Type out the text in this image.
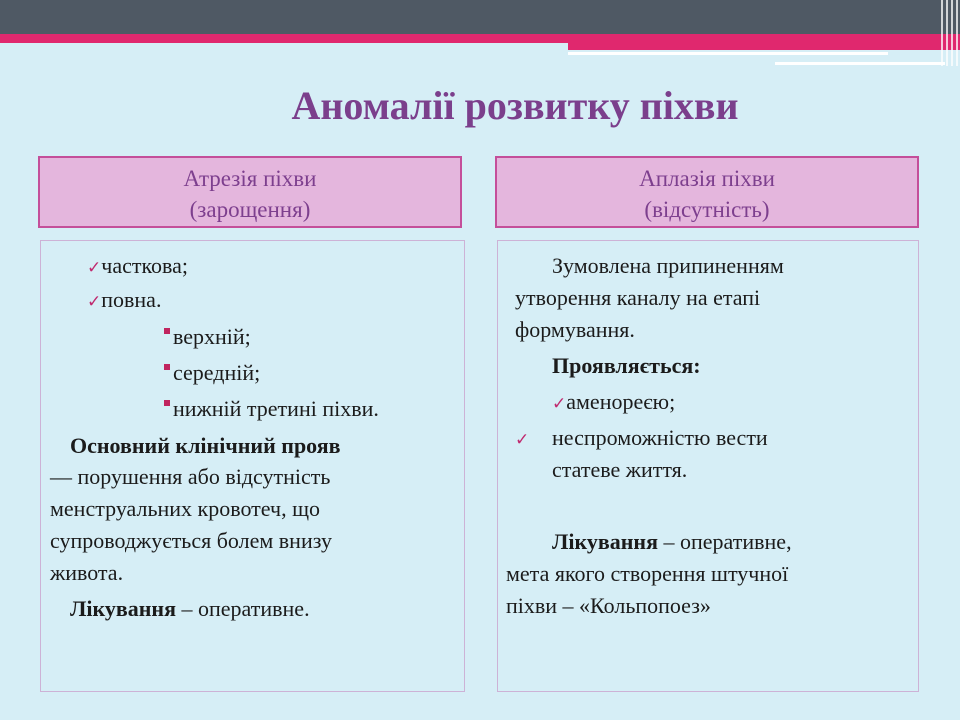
Аномалії розвитку піхви
Атрезія піхви
(зарощення)
Аплазія піхви
(відсутність)
✓часткова;
✓повна.
верхній;
середній;
нижній третині піхви.
Основний клінічний прояв
— порушення або відсутність
менструальних кровотеч, що
супроводжується болем внизу
живота.
Лікування – оперативне.
Зумовлена припиненням
утворення каналу на етапі
формування.
Проявляється:
✓аменореєю;
✓ неспроможністю вести
статеве життя.
Лікування – оперативне,
мета якого створення штучної
піхви – «Кольпопоез»
